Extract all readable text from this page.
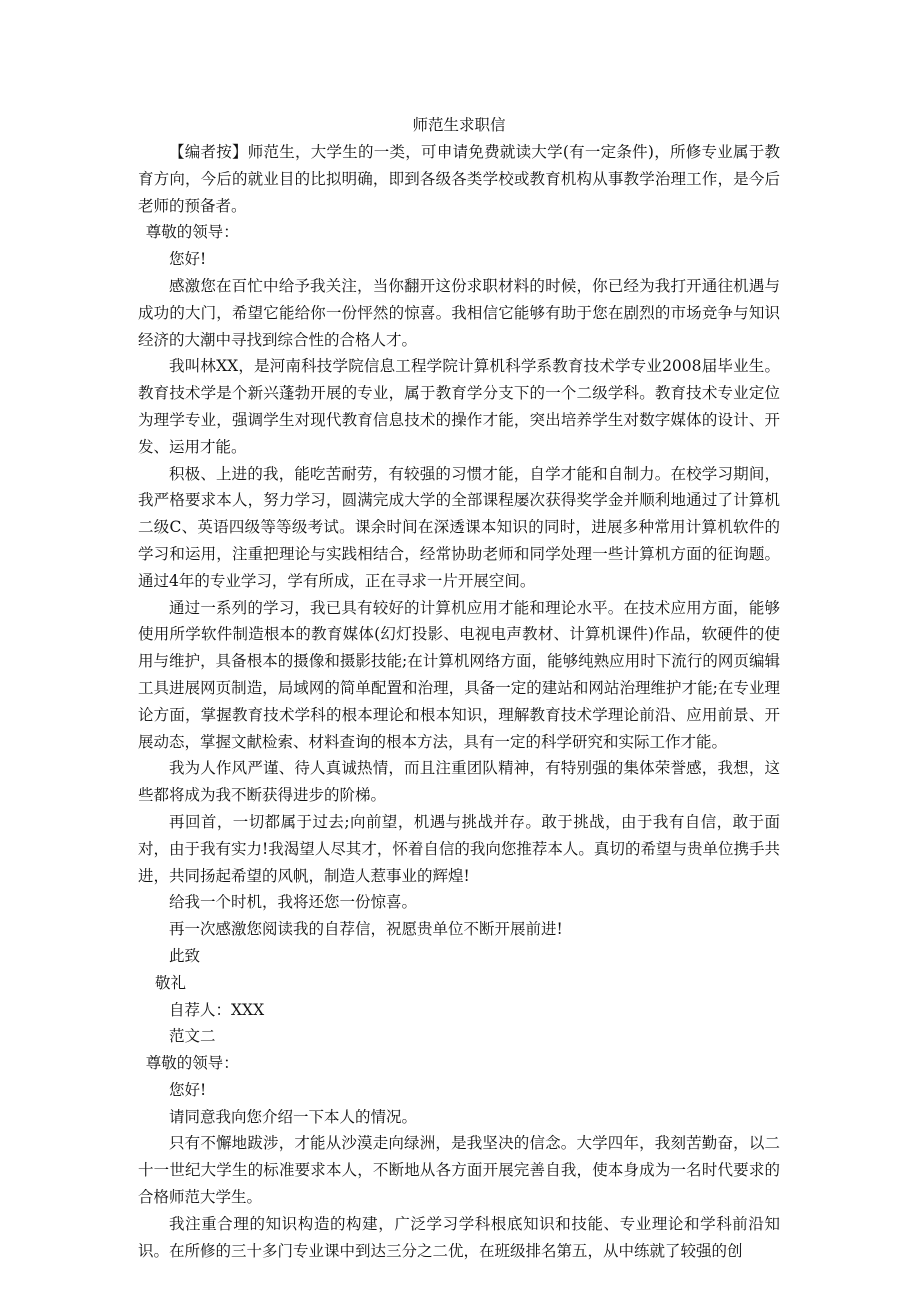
师范生求职信

【编者按】师范生，大学生的一类，可申请免费就读大学(有一定条件)，所修专业属于教育方向，今后的就业目的比拟明确，即到各级各类学校或教育机构从事教学治理工作，是今后老师的预备者。

尊敬的领导：

您好!

感激您在百忙中给予我关注，当你翻开这份求职材料的时候，你已经为我打开通往机遇与成功的大门，希望它能给你一份怦然的惊喜。我相信它能够有助于您在剧烈的市场竞争与知识经济的大潮中寻找到综合性的合格人才。

我叫林XX，是河南科技学院信息工程学院计算机科学系教育技术学专业2008届毕业生。教育技术学是个新兴蓬勃开展的专业，属于教育学分支下的一个二级学科。教育技术专业定位为理学专业，强调学生对现代教育信息技术的操作才能，突出培养学生对数字媒体的设计、开发、运用才能。

积极、上进的我，能吃苦耐劳，有较强的习惯才能，自学才能和自制力。在校学习期间，我严格要求本人，努力学习，圆满完成大学的全部课程屡次获得奖学金并顺利地通过了计算机二级C、英语四级等等级考试。课余时间在深透课本知识的同时，进展多种常用计算机软件的学习和运用，注重把理论与实践相结合，经常协助老师和同学处理一些计算机方面的征询题。通过4年的专业学习，学有所成，正在寻求一片开展空间。

通过一系列的学习，我已具有较好的计算机应用才能和理论水平。在技术应用方面，能够使用所学软件制造根本的教育媒体(幻灯投影、电视电声教材、计算机课件)作品，软硬件的使用与维护，具备根本的摄像和摄影技能;在计算机网络方面，能够纯熟应用时下流行的网页编辑工具进展网页制造，局域网的简单配置和治理，具备一定的建站和网站治理维护才能;在专业理论方面，掌握教育技术学科的根本理论和根本知识，理解教育技术学理论前沿、应用前景、开展动态，掌握文献检索、材料查询的根本方法，具有一定的科学研究和实际工作才能。

我为人作风严谨、待人真诚热情，而且注重团队精神，有特别强的集体荣誉感，我想，这些都将成为我不断获得进步的阶梯。

再回首，一切都属于过去;向前望，机遇与挑战并存。敢于挑战，由于我有自信，敢于面对，由于我有实力!我渴望人尽其才，怀着自信的我向您推荐本人。真切的希望与贵单位携手共进，共同扬起希望的风帆，制造人惹事业的辉煌!

给我一个时机，我将还您一份惊喜。

再一次感激您阅读我的自荐信，祝愿贵单位不断开展前进!

此致

敬礼

自荐人：XXX

范文二

尊敬的领导：

您好!

请同意我向您介绍一下本人的情况。

只有不懈地跋涉，才能从沙漠走向绿洲，是我坚决的信念。大学四年，我刻苦勤奋，以二十一世纪大学生的标准要求本人，不断地从各方面开展完善自我，使本身成为一名时代要求的合格师范大学生。

我注重合理的知识构造的构建，广泛学习学科根底知识和技能、专业理论和学科前沿知识。在所修的三十多门专业课中到达三分之二优，在班级排名第五，从中练就了较强的创
